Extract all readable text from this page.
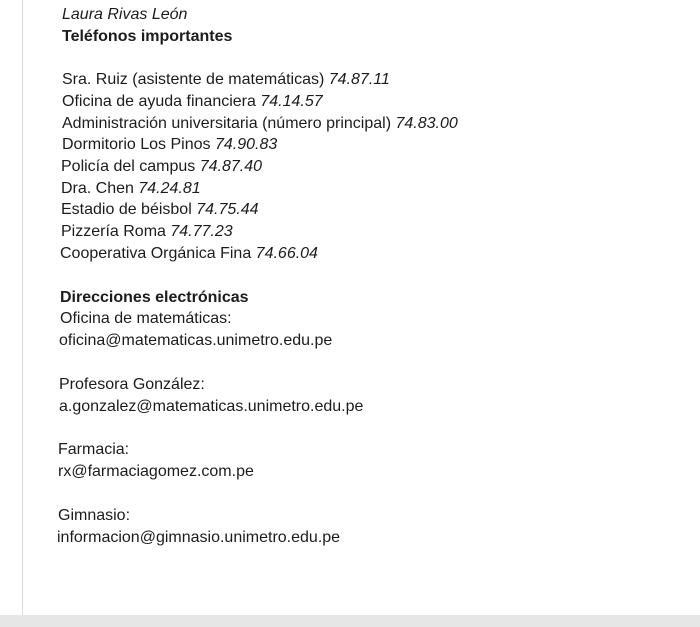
Laura Rivas León
Teléfonos importantes
Sra. Ruiz (asistente de matemáticas) 74.87.11
Oficina de ayuda financiera 74.14.57
Administración universitaria (número principal) 74.83.00
Dormitorio Los Pinos 74.90.83
Policía del campus 74.87.40
Dra. Chen 74.24.81
Estadio de béisbol 74.75.44
Pizzería Roma 74.77.23
Cooperativa Orgánica Fina 74.66.04
Direcciones electrónicas
Oficina de matemáticas:
oficina@matematicas.unimetro.edu.pe
Profesora González:
a.gonzalez@matematicas.unimetro.edu.pe
Farmacia:
rx@farmaciagomez.com.pe
Gimnasio:
informacion@gimnasio.unimetro.edu.pe
